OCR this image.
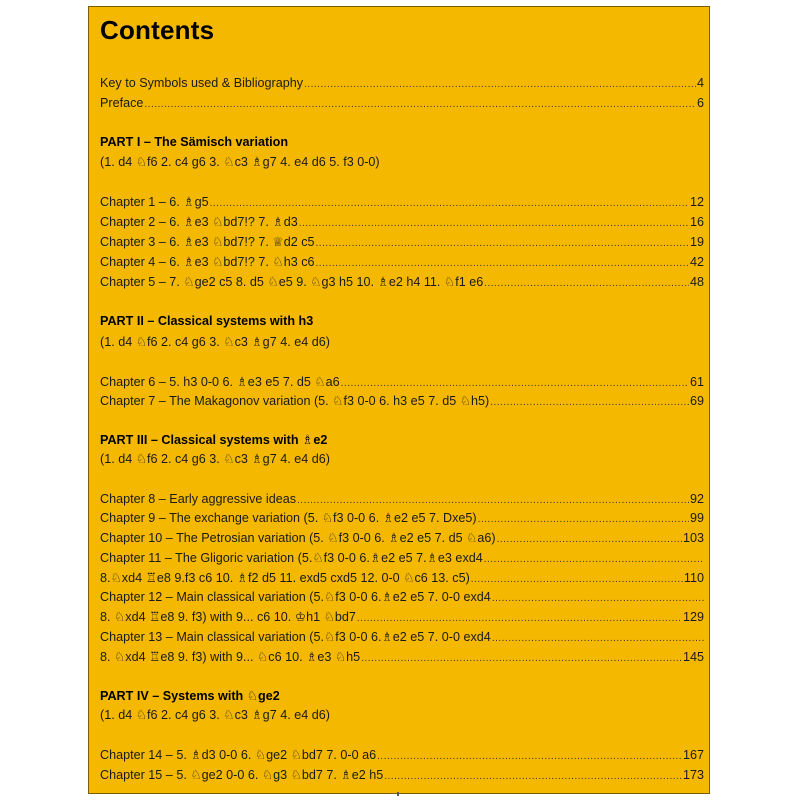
Contents
Key to Symbols used & Bibliography .....	4
Preface .....	6
PART I – The Sämisch variation
(1. d4 ♘f6 2. c4 g6 3. ♘c3 ♗g7 4. e4 d6 5. f3 0-0)
Chapter 1 – 6. ♗g5 .....	12
Chapter 2 – 6. ♗e3 ♘bd7!? 7. ♗d3 .....	16
Chapter 3 – 6. ♗e3 ♘bd7!? 7. ♕d2 c5 .....	19
Chapter 4 – 6. ♗e3 ♘bd7!? 7. ♘h3 c6 .....	42
Chapter 5 – 7. ♘ge2 c5 8. d5 ♘e5 9. ♘g3 h5 10. ♗e2 h4 11. ♘f1 e6 .....	48
PART II – Classical systems with h3
(1. d4 ♘f6 2. c4 g6 3. ♘c3 ♗g7 4. e4 d6)
Chapter 6 – 5. h3 0-0 6. ♗e3 e5 7. d5 ♘a6 .....	61
Chapter 7 – The Makagonov variation (5. ♘f3 0-0 6. h3 e5 7. d5 ♘h5) .....	69
PART III – Classical systems with ♗e2
(1. d4 ♘f6 2. c4 g6 3. ♘c3 ♗g7 4. e4 d6)
Chapter 8 – Early aggressive ideas .....	92
Chapter 9 – The exchange variation (5. ♘f3 0-0 6. ♗e2 e5 7. Dxe5) .....	99
Chapter 10 – The Petrosian variation (5. ♘f3 0-0 6. ♗e2 e5 7. d5 ♘a6) .....	103
Chapter 11 – The Gligoric variation (5.♘f3 0-0 6.♗e2 e5 7.♗e3 exd4
.....
8.♘xd4 ♖e8 9.f3 c6 10. ♗f2 d5 11. exd5 cxd5 12. 0-0 ♘c6 13. c5) .....	110
Chapter 12 – Main classical variation (5.♘f3 0-0 6.♗e2 e5 7. 0-0 exd4
.....
8. ♘xd4 ♖e8 9. f3) with 9... c6 10. ♔h1 ♘bd7 .....	129
Chapter 13 – Main classical variation (5.♘f3 0-0 6.♗e2 e5 7. 0-0 exd4
.....
8. ♘xd4 ♖e8 9. f3) with 9... ♘c6 10. ♗e3 ♘h5 .....	145
PART IV – Systems with ♘ge2
(1. d4 ♘f6 2. c4 g6 3. ♘c3 ♗g7 4. e4 d6)
Chapter 14 – 5. ♗d3 0-0 6. ♘ge2 ♘bd7 7. 0-0 a6 .....	167
Chapter 15 – 5. ♘ge2 0-0 6. ♘g3 ♘bd7 7. ♗e2 h5 .....	173
